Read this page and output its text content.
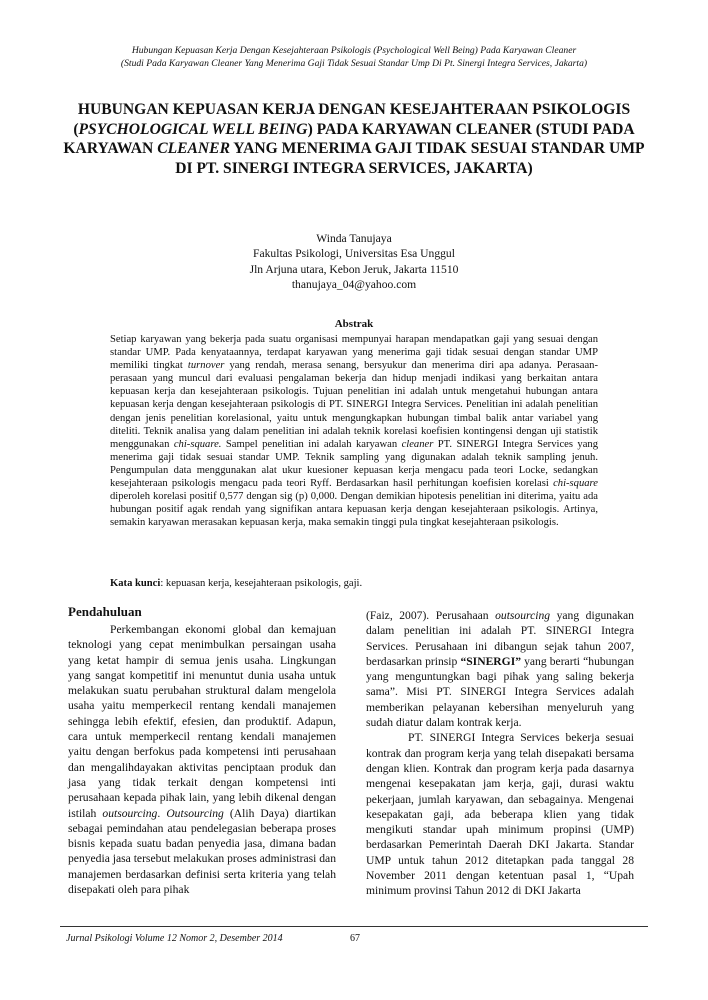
Hubungan Kepuasan Kerja Dengan Kesejahteraan Psikologis (Psychological Well Being) Pada Karyawan Cleaner
(Studi Pada Karyawan Cleaner Yang Menerima Gaji Tidak Sesuai Standar Ump Di Pt. Sinergi Integra Services, Jakarta)
HUBUNGAN KEPUASAN KERJA DENGAN KESEJAHTERAAN PSIKOLOGIS (PSYCHOLOGICAL WELL BEING) PADA KARYAWAN CLEANER (STUDI PADA KARYAWAN CLEANER YANG MENERIMA GAJI TIDAK SESUAI STANDAR UMP DI PT. SINERGI INTEGRA SERVICES, JAKARTA)
Winda Tanujaya
Fakultas Psikologi, Universitas Esa Unggul
Jln Arjuna utara, Kebon Jeruk, Jakarta 11510
thanujaya_04@yahoo.com
Abstrak

Setiap karyawan yang bekerja pada suatu organisasi mempunyai harapan mendapatkan gaji yang sesuai dengan standar UMP. Pada kenyataannya, terdapat karyawan yang menerima gaji tidak sesuai dengan standar UMP memiliki tingkat turnover yang rendah, merasa senang, bersyukur dan menerima diri apa adanya. Perasaan-perasaan yang muncul dari evaluasi pengalaman bekerja dan hidup menjadi indikasi yang berkaitan antara kepuasan kerja dan kesejahteraan psikologis. Tujuan penelitian ini adalah untuk mengetahui hubungan antara kepuasan kerja dengan kesejahteraan psikologis di PT. SINERGI Integra Services. Penelitian ini adalah penelitian dengan jenis penelitian korelasional, yaitu untuk mengungkapkan hubungan timbal balik antar variabel yang diteliti. Teknik analisa yang dalam penelitian ini adalah teknik korelasi koefisien kontingensi dengan uji statistik menggunakan chi-square. Sampel penelitian ini adalah karyawan cleaner PT. SINERGI Integra Services yang menerima gaji tidak sesuai standar UMP. Teknik sampling yang digunakan adalah teknik sampling jenuh. Pengumpulan data menggunakan alat ukur kuesioner kepuasan kerja mengacu pada teori Locke, sedangkan kesejahteraan psikologis mengacu pada teori Ryff. Berdasarkan hasil perhitungan koefisien korelasi chi-square diperoleh korelasi positif 0,577 dengan sig (p) 0,000. Dengan demikian hipotesis penelitian ini diterima, yaitu ada hubungan positif agak rendah yang signifikan antara kepuasan kerja dengan kesejahteraan psikologis. Artinya, semakin karyawan merasakan kepuasan kerja, maka semakin tinggi pula tingkat kesejahteraan psikologis.

Kata kunci: kepuasan kerja, kesejahteraan psikologis, gaji.
Pendahuluan

Perkembangan ekonomi global dan kemajuan teknologi yang cepat menimbulkan persaingan usaha yang ketat hampir di semua jenis usaha. Lingkungan yang sangat kompetitif ini menuntut dunia usaha untuk melakukan suatu perubahan struktural dalam mengelola usaha yaitu memperkecil rentang kendali manajemen sehingga lebih efektif, efesien, dan produktif. Adapun, cara untuk memperkecil rentang kendali manajemen yaitu dengan berfokus pada kompetensi inti perusahaan dan mengalihdayakan aktivitas penciptaan produk dan jasa yang tidak terkait dengan kompetensi inti perusahaan kepada pihak lain, yang lebih dikenal dengan istilah outsourcing. Outsourcing (Alih Daya) diartikan sebagai pemindahan atau pendelegasian beberapa proses bisnis kepada suatu badan penyedia jasa, dimana badan penyedia jasa tersebut melakukan proses administrasi dan manajemen berdasarkan definisi serta kriteria yang telah disepakati oleh para pihak

(Faiz, 2007). Perusahaan outsourcing yang digunakan dalam penelitian ini adalah PT. SINERGI Integra Services. Perusahaan ini dibangun sejak tahun 2007, berdasarkan prinsip “SINERGI” yang berarti “hubungan yang menguntungkan bagi pihak yang saling bekerja sama”. Misi PT. SINERGI Integra Services adalah memberikan pelayanan kebersihan menyeluruh yang sudah diatur dalam kontrak kerja.

PT. SINERGI Integra Services bekerja sesuai kontrak dan program kerja yang telah disepakati bersama dengan klien. Kontrak dan program kerja pada dasarnya mengenai kesepakatan jam kerja, gaji, durasi waktu pekerjaan, jumlah karyawan, dan sebagainya. Mengenai kesepakatan gaji, ada beberapa klien yang tidak mengikuti standar upah minimum propinsi (UMP) berdasarkan Pemerintah Daerah DKI Jakarta. Standar UMP untuk tahun 2012 ditetapkan pada tanggal 28 November 2011 dengan ketentuan pasal 1, “Upah minimum provinsi Tahun 2012 di DKI Jakarta

Jurnal Psikologi Volume 12 Nomor 2, Desember 2014	67
